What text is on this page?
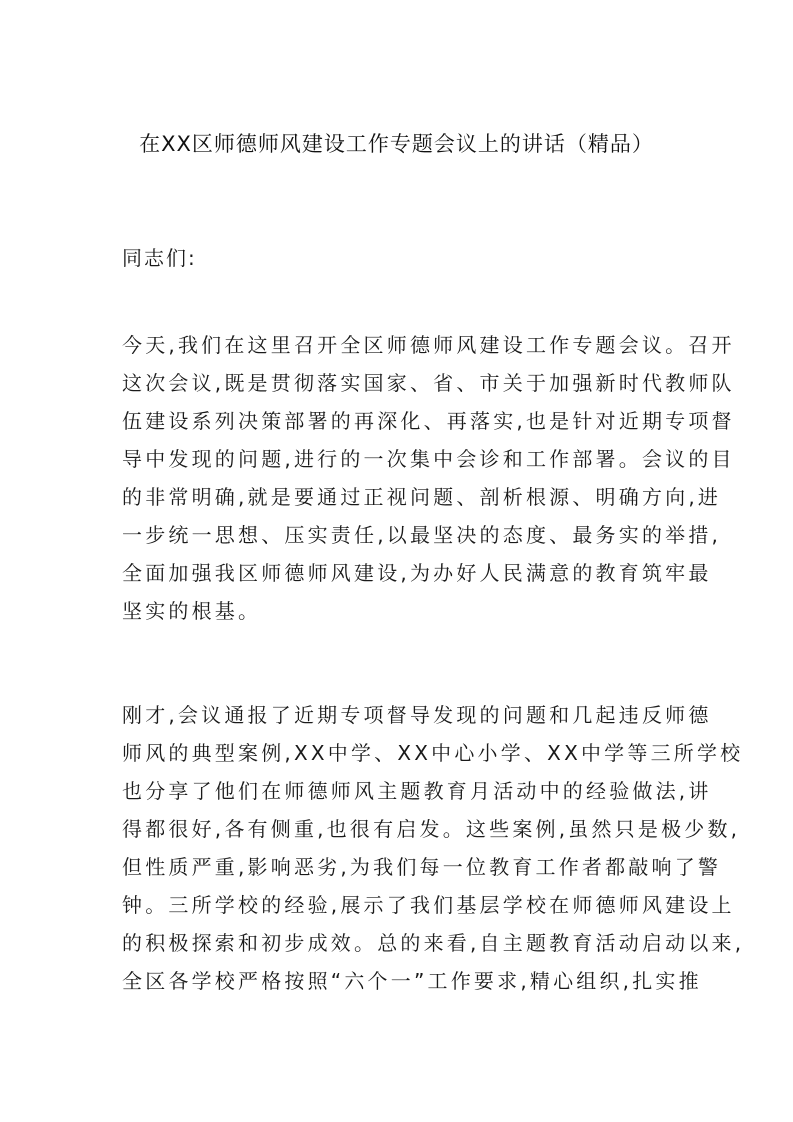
在XX区师德师风建设工作专题会议上的讲话（精品）
同志们:
今天,我们在这里召开全区师德师风建设工作专题会议。召开
这次会议,既是贯彻落实国家、省、市关于加强新时代教师队
伍建设系列决策部署的再深化、再落实,也是针对近期专项督
导中发现的问题,进行的一次集中会诊和工作部署。会议的目
的非常明确,就是要通过正视问题、剖析根源、明确方向,进
一步统一思想、压实责任,以最坚决的态度、最务实的举措,
全面加强我区师德师风建设,为办好人民满意的教育筑牢最
坚实的根基。
刚才,会议通报了近期专项督导发现的问题和几起违反师德
师风的典型案例,XX中学、XX中心小学、XX中学等三所学校
也分享了他们在师德师风主题教育月活动中的经验做法,讲
得都很好,各有侧重,也很有启发。这些案例,虽然只是极少数,
但性质严重,影响恶劣,为我们每一位教育工作者都敲响了警
钟。三所学校的经验,展示了我们基层学校在师德师风建设上
的积极探索和初步成效。总的来看,自主题教育活动启动以来,
全区各学校严格按照“六个一”工作要求,精心组织,扎实推
